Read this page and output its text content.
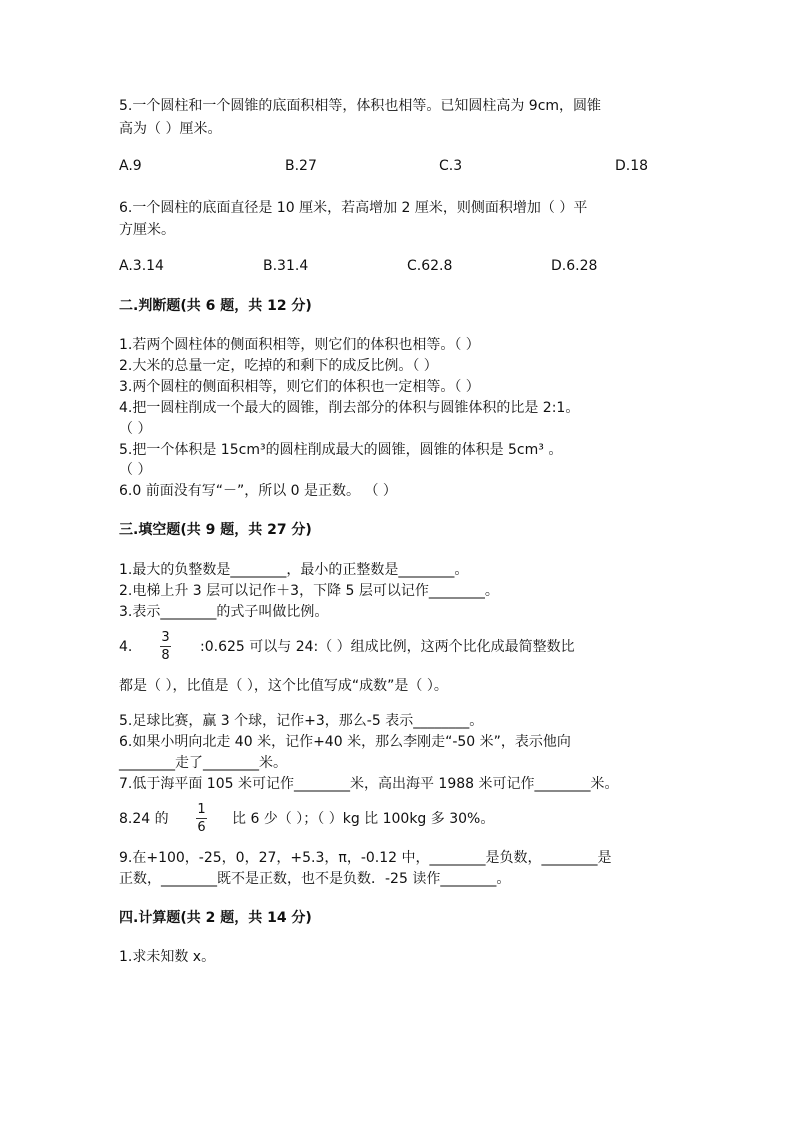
5.一个圆柱和一个圆锥的底面积相等，体积也相等。已知圆柱高为 9cm，圆锥
高为（ ）厘米。
A.9	B.27	C.3	D.18
6.一个圆柱的底面直径是 10 厘米，若高增加 2 厘米，则侧面积增加（ ）平
方厘米。
A.3.14	B.31.4	C.62.8	D.6.28
二.判断题(共 6 题，共 12 分)
1.若两个圆柱体的侧面积相等，则它们的体积也相等。（ ）
2.大米的总量一定，吃掉的和剩下的成反比例。（ ）
3.两个圆柱的侧面积相等，则它们的体积也一定相等。（ ）
4.把一圆柱削成一个最大的圆锥，削去部分的体积与圆锥体积的比是 2:1。
（ ）
5.把一个体积是 15cm³的圆柱削成最大的圆锥，圆锥的体积是 5cm³ 。
（ ）
6.0 前面没有写“－”，所以 0 是正数。 （ ）
三.填空题(共 9 题，共 27 分)
1.最大的负整数是________，最小的正整数是________。
2.电梯上升 3 层可以记作＋3，下降 5 层可以记作________。
3.表示________的式子叫做比例。
4.
3
8
:0.625 可以与 24:（ ）组成比例，这两个比化成最简整数比
都是（ ），比值是（ ），这个比值写成“成数”是（ ）。
5.足球比赛，赢 3 个球，记作+3，那么-5 表示________。
6.如果小明向北走 40 米，记作+40 米，那么李刚走“-50 米”，表示他向
________走了________米。
7.低于海平面 105 米可记作________米，高出海平 1988 米可记作________米。
8.24 的
1
6
比 6 少（ ）；（ ）kg 比 100kg 多 30%。
9.在+100，-25，0，27，+5.3，π，-0.12 中，________是负数，________是
正数，________既不是正数，也不是负数．-25 读作________。
四.计算题(共 2 题，共 14 分)
1.求未知数 x。
